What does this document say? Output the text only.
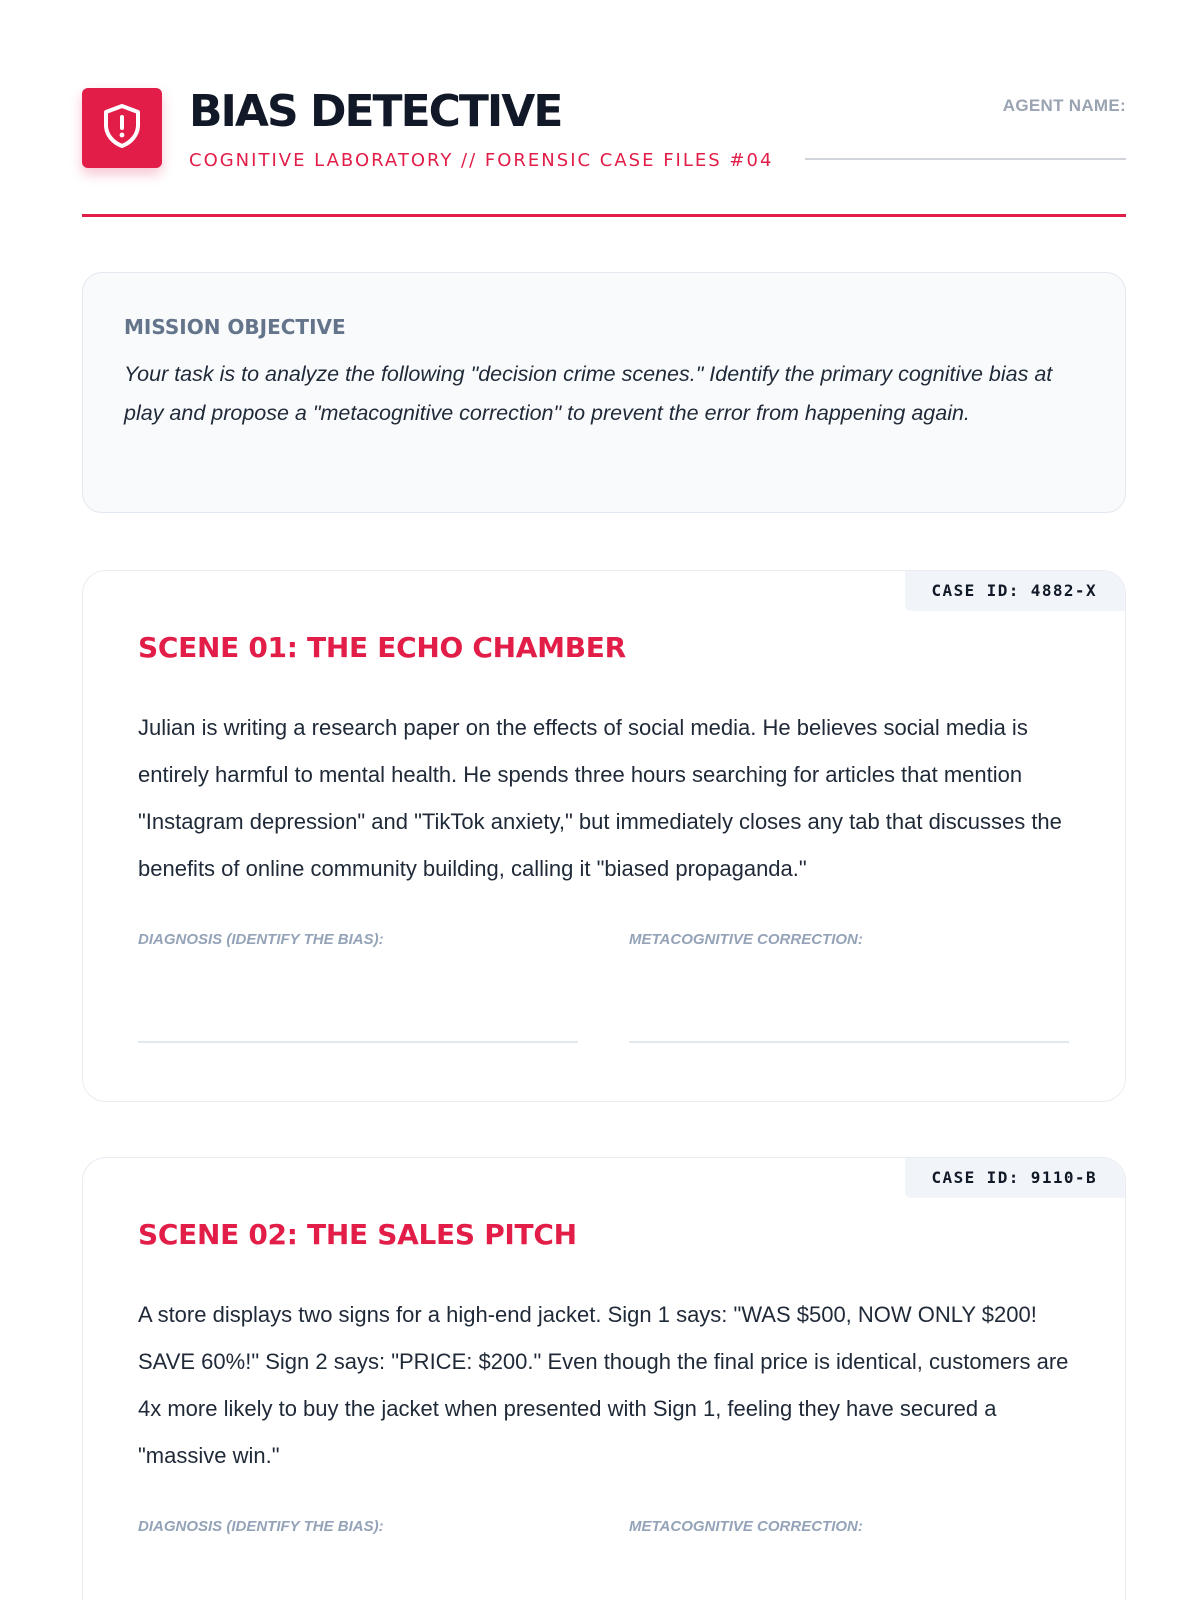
BIAS DETECTIVE
COGNITIVE LABORATORY // FORENSIC CASE FILES #04
AGENT NAME:
MISSION OBJECTIVE
Your task is to analyze the following "decision crime scenes." Identify the primary cognitive bias at play and propose a "metacognitive correction" to prevent the error from happening again.
CASE ID: 4882-X
SCENE 01: THE ECHO CHAMBER
Julian is writing a research paper on the effects of social media. He believes social media is entirely harmful to mental health. He spends three hours searching for articles that mention "Instagram depression" and "TikTok anxiety," but immediately closes any tab that discusses the benefits of online community building, calling it "biased propaganda."
DIAGNOSIS (IDENTIFY THE BIAS):	METACOGNITIVE CORRECTION:
CASE ID: 9110-B
SCENE 02: THE SALES PITCH
A store displays two signs for a high-end jacket. Sign 1 says: "WAS $500, NOW ONLY $200! SAVE 60%!" Sign 2 says: "PRICE: $200." Even though the final price is identical, customers are 4x more likely to buy the jacket when presented with Sign 1, feeling they have secured a "massive win."
DIAGNOSIS (IDENTIFY THE BIAS):	METACOGNITIVE CORRECTION:
